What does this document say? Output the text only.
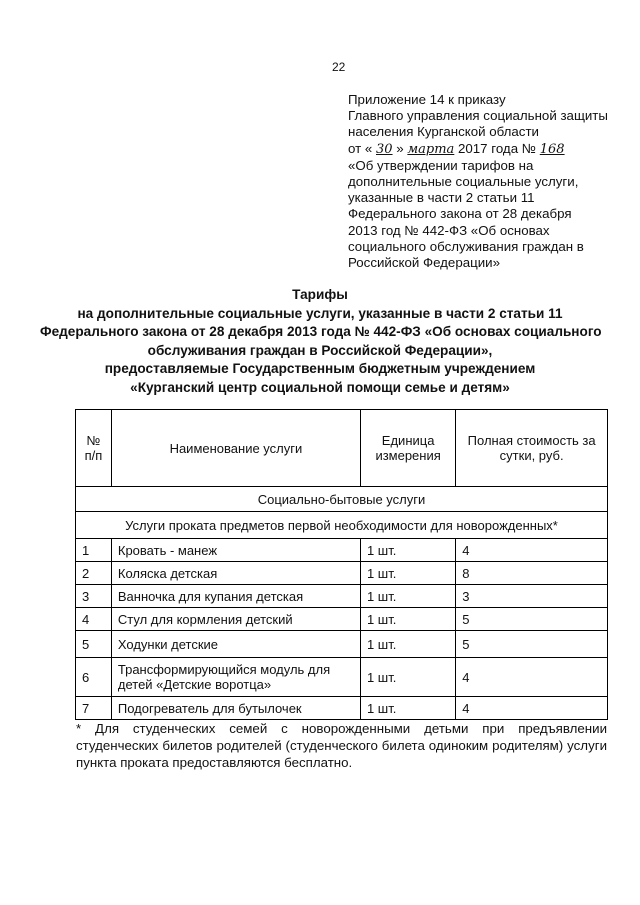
22
Приложение 14 к приказу
Главного управления социальной защиты
населения Курганской области
от « 30 » марта 2017 года № 168
«Об утверждении тарифов на
дополнительные социальные услуги,
указанные в части 2 статьи 11
Федерального закона от 28 декабря
2013 год № 442-ФЗ «Об основах
социального обслуживания граждан в
Российской Федерации»
Тарифы
на дополнительные социальные услуги, указанные в части 2 статьи 11
Федерального закона от 28 декабря 2013 года № 442-ФЗ «Об основах социального
обслуживания граждан в Российской Федерации»,
предоставляемые Государственным бюджетным учреждением
«Курганский центр социальной помощи семье и детям»
№ п/п	Наименование услуги	Единица измерения	Полная стоимость за сутки, руб.
Социально-бытовые услуги			
Услуги проката предметов первой необходимости для новорожденных*			
1	Кровать - манеж	1 шт.	4
2	Коляска детская	1 шт.	8
3	Ванночка для купания детская	1 шт.	3
4	Стул для кормления детский	1 шт.	5
5	Ходунки детские	1 шт.	5
6	Трансформирующийся модуль для детей «Детские воротца»	1 шт.	4
7	Подогреватель для бутылочек	1 шт.	4
* Для студенческих семей с новорожденными детьми при предъявлении
студенческих билетов родителей (студенческого билета одиноким родителям) услуги
пункта проката предоставляются бесплатно.
